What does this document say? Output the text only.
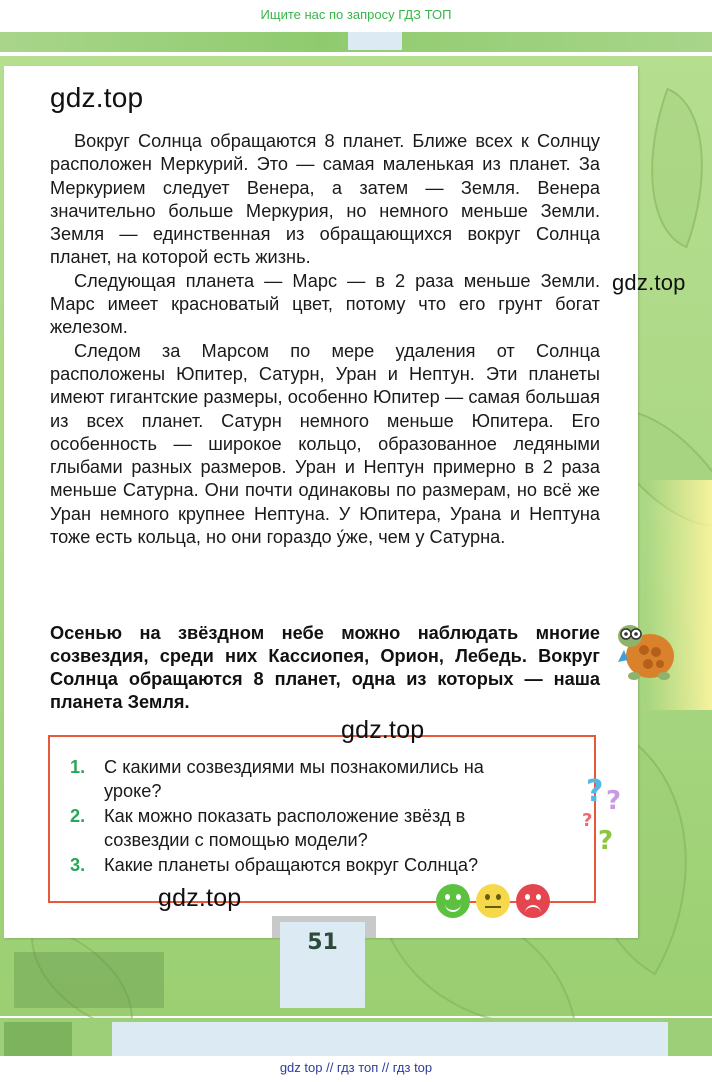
Ищите нас по запросу ГДЗ ТОП
gdz.top

Вокруг Солнца обращаются 8 планет. Ближе всех к Солнцу расположен Меркурий. Это — самая маленькая из планет. За Меркурием следует Венера, а затем — Земля. Венера значительно больше Меркурия, но немного меньше Земли. Земля — единственная из обращающихся вокруг Солнца планет, на которой есть жизнь.

Следующая планета — Марс — в 2 раза меньше Земли. Марс имеет красноватый цвет, потому что его грунт богат железом.

Следом за Марсом по мере удаления от Солнца расположены Юпитер, Сатурн, Уран и Нептун. Эти планеты имеют гигантские размеры, особенно Юпитер — самая большая из всех планет. Сатурн немного меньше Юпитера. Его особенность — широкое кольцо, образованное ледяными глыбами разных размеров. Уран и Нептун примерно в 2 раза меньше Сатурна. Они почти одинаковы по размерам, но всё же Уран немного крупнее Нептуна. У Юпитера, Урана и Нептуна тоже есть кольца, но они гораздо у́же, чем у Сатурна.

gdz.top
Осенью на звёздном небе можно наблюдать многие созвездия, среди них Кассиопея, Орион, Лебедь. Вокруг Солнца обращаются 8 планет, одна из которых — наша планета Земля.
1.	С какими созвездиями мы познакомились на уроке?
2.	Как можно показать расположение звёзд в созвездии с помощью модели?
3.	Какие планеты обращаются вокруг Солнца?
gdz.top
? ?
?
?
gdz.top
51
gdz top // гдз топ // гдз top
